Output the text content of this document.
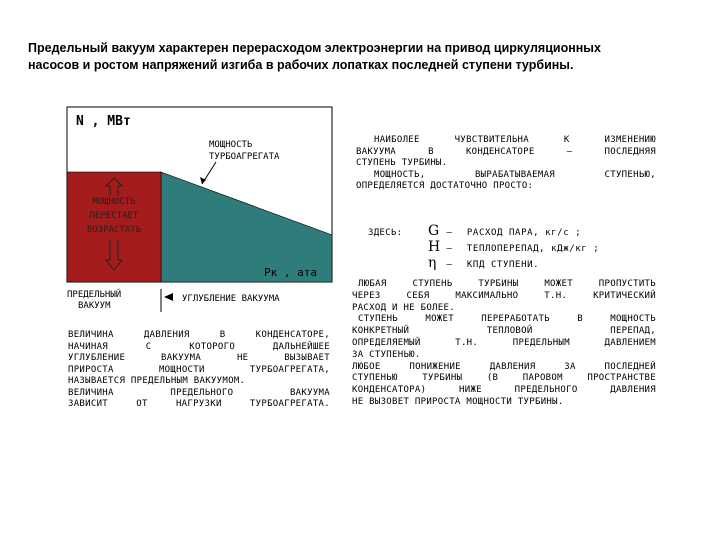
Предельный вакуум характерен перерасходом электроэнергии на привод циркуляционных
насосов и ростом напряжений изгиба в рабочих лопатках последней ступени турбины.
N , МВт
Pк , ата
МОЩНОСТЬ
ТУРБОАГРЕГАТА
МОЩНОСТЬ
ПЕРЕСТАЕТ
ВОЗРАСТАТЬ
ПРЕДЕЛЬНЫЙ
ВАКУУМ
УГЛУБЛЕНИЕ ВАКУУМА
ВЕЛИЧИНА ДАВЛЕНИЯ В КОНДЕНСАТОРЕ,
НАЧИНАЯ С КОТОРОГО ДАЛЬНЕЙШЕЕ
УГЛУБЛЕНИЕ ВАКУУМА НЕ ВЫЗЫВАЕТ
ПРИРОСТА МОЩНОСТИ ТУРБОАГРЕГАТА,
НАЗЫВАЕТСЯ ПРЕДЕЛЬНЫМ ВАКУУМОМ.
ВЕЛИЧИНА ПРЕДЕЛЬНОГО ВАКУУМА
ЗАВИСИТ ОТ НАГРУЗКИ ТУРБОАГРЕГАТА.
НАИБОЛЕЕ ЧУВСТВИТЕЛЬНА К ИЗМЕНЕНИЮ
ВАКУУМА В КОНДЕНСАТОРЕ – ПОСЛЕДНЯЯ
СТУПЕНЬ ТУРБИНЫ.
МОЩНОСТЬ, ВЫРАБАТЫВАЕМАЯ СТУПЕНЬЮ,
ОПРЕДЕЛЯЕТСЯ ДОСТАТОЧНО ПРОСТО:
ЗДЕСЬ: G – РАСХОД ПАРА, кг/с ;
H – ТЕПЛОПЕРЕПАД, кДж/кг ;
η – КПД СТУПЕНИ.
ЛЮБАЯ СТУПЕНЬ ТУРБИНЫ МОЖЕТ ПРОПУСТИТЬ
ЧЕРЕЗ СЕБЯ МАКСИМАЛЬНО Т.Н. КРИТИЧЕСКИЙ
РАСХОД И НЕ БОЛЕЕ.
СТУПЕНЬ МОЖЕТ ПЕРЕРАБОТАТЬ В МОЩНОСТЬ
КОНКРЕТНЫЙ ТЕПЛОВОЙ ПЕРЕПАД,
ОПРЕДЕЛЯЕМЫЙ Т.Н. ПРЕДЕЛЬНЫМ ДАВЛЕНИЕМ
ЗА СТУПЕНЬЮ.
ЛЮБОЕ ПОНИЖЕНИЕ ДАВЛЕНИЯ ЗА ПОСЛЕДНЕЙ
СТУПЕНЬЮ ТУРБИНЫ (В ПАРОВОМ ПРОСТРАНСТВЕ
КОНДЕНСАТОРА) НИЖЕ ПРЕДЕЛЬНОГО ДАВЛЕНИЯ
НЕ ВЫЗОВЕТ ПРИРОСТА МОЩНОСТИ ТУРБИНЫ.
